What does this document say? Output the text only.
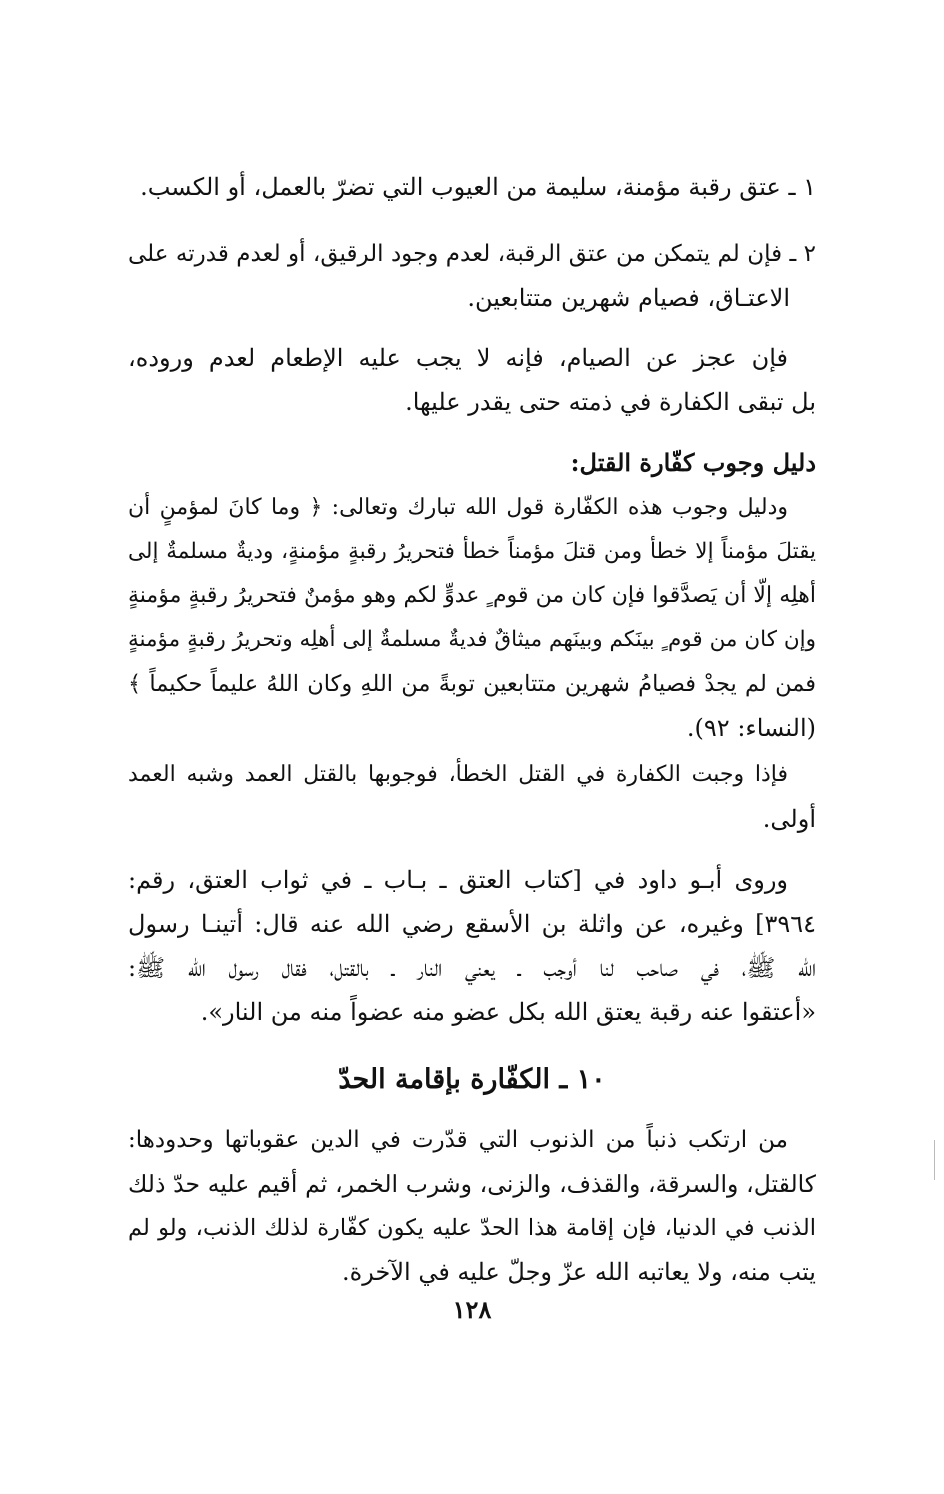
١ ـ عتق رقبة مؤمنة، سليمة من العيوب التي تضرّ بالعمل، أو الكسب.

٢ ـ فإن لم يتمكن من عتق الرقبة، لعدم وجود الرقيق، أو لعدم قدرته على
الاعتـاق، فصيام شهرين متتابعين.

فإن عجز عن الصيام، فإنه لا يجب عليه الإطعام لعدم وروده،
بل تبقى الكفارة في ذمته حتى يقدر عليها.

دليل وجوب كفّارة القتل:

ودليل وجوب هذه الكفّارة قول الله تبارك وتعالى: ﴿ وما كانَ لمؤمنٍ أن
يقتلَ مؤمناً إلا خطأ ومن قتلَ مؤمناً خطأ فتحريرُ رقبةٍ مؤمنةٍ، وديةٌ مسلمةٌ إلى
أهلِه إلّا أن يَصدَّقوا فإن كان من قوم ٍ عدوٍّ لكم وهو مؤمنٌ فتحريرُ رقبةٍ مؤمنةٍ
وإن كان من قوم ٍ بينَكم وبينَهم ميثاقٌ فديةٌ مسلمةٌ إلى أهلِه وتحريرُ رقبةٍ مؤمنةٍ
فمن لم يجدْ فصيامُ شهرين متتابعين توبةً من اللهِ وكان اللهُ عليماً حكيماً ﴾
(النساء: ٩٢).

فإذا وجبت الكفارة في القتل الخطأ، فوجوبها بالقتل العمد وشبه العمد
أولى.

وروى أبـو داود في [كتاب العتق ـ بـاب ـ في ثواب العتق، رقم:
٣٩٦٤] وغيره، عن واثلة بن الأسقع رضي الله عنه قال: أتينـا رسول
الله ﷺ، في صاحب لنا أوجب ـ يعني النار ـ بالقتل، فقال رسول الله ﷺ:
«أعتقوا عنه رقبة يعتق الله بكل عضو منه عضواً منه من النار».

١٠ ـ الكفّارة بإقامة الحدّ

من ارتكب ذنباً من الذنوب التي قدّرت في الدين عقوباتها وحدودها:
كالقتل، والسرقة، والقذف، والزنى، وشرب الخمر، ثم أقيم عليه حدّ ذلك
الذنب في الدنيا، فإن إقامة هذا الحدّ عليه يكون كفّارة لذلك الذنب، ولو لم
يتب منه، ولا يعاتبه الله عزّ وجلّ عليه في الآخرة.

١٢٨
